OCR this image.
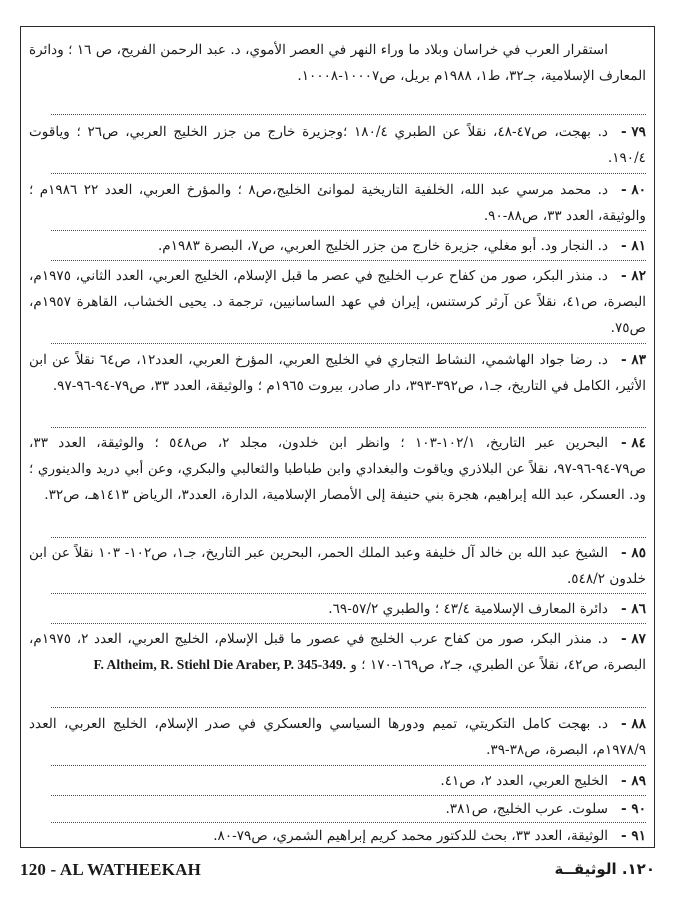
استقرار العرب في خراسان وبلاد ما وراء النهر في العصر الأموي، د. عبد الرحمن الفريح، ص ١٦ ؛ ودائرة المعارف الإسلامية، جـ٣٢، ط١، ١٩٨٨م بريل، ص١٠٠٠٧-١٠٠٠٨.
٧٩ -د. بهجت، ص٤٧-٤٨، نقلاً عن الطبري ١٨٠/٤ ؛وجزيرة خارج من جزر الخليج العربي، ص٢٦ ؛ وياقوت ١٩٠/٤.
٨٠ -د. محمد مرسي عبد الله، الخلفية التاريخية لموانئ الخليج،ص٨ ؛ والمؤرخ العربي، العدد ٢٢ ١٩٨٦م ؛ والوثيقة، العدد ٣٣، ص٨٨-٩٠.
٨١ -د. النجار ود. أبو مغلي، جزيرة خارج من جزر الخليج العربي، ص٧، البصرة ١٩٨٣م.
٨٢ -د. منذر البكر، صور من كفاح عرب الخليج في عصر ما قبل الإسلام، الخليج العربي، العدد الثاني، ١٩٧٥م، البصرة، ص٤١، نقلاً عن آرثر كرستنس، إيران في عهد الساسانيين، ترجمة د. يحيى الخشاب، القاهرة ١٩٥٧م، ص٧٥.
٨٣ -د. رضا جواد الهاشمي، النشاط التجاري في الخليج العربي، المؤرخ العربي، العدد١٢، ص٦٤ نقلاً عن ابن الأثير، الكامل في التاريخ، جـ١، ص٣٩٢-٣٩٣، دار صادر، بيروت ١٩٦٥م ؛ والوثيقة، العدد ٣٣، ص٧٩-٩٤-٩٦-٩٧.
٨٤ -البحرين عبر التاريخ، ١٠٢/١-١٠٣ ؛ وانظر ابن خلدون، مجلد ٢، ص٥٤٨ ؛ والوثيقة، العدد ٣٣، ص٧٩-٩٤-٩٦-٩٧، نقلاً عن البلاذري وياقوت والبغدادي وابن طباطبا والثعالبي والبكري، وعن أبي دريد والدينوري ؛ ود. العسكر، عبد الله إبراهيم، هجرة بني حنيفة إلى الأمصار الإسلامية، الدارة، العدد٣، الرياض ١٤١٣هـ، ص٣٢.
٨٥ -الشيخ عبد الله بن خالد آل خليفة وعبد الملك الحمر، البحرين عبر التاريخ، جـ١، ص١٠٢- ١٠٣ نقلاً عن ابن خلدون ٥٤٨/٢.
٨٦ -دائرة المعارف الإسلامية ٤٣/٤ ؛ والطبري ٥٧/٢-٦٩.
٨٧ -د. منذر البكر، صور من كفاح عرب الخليج في عصور ما قبل الإسلام، الخليج العربي، العدد ٢، ١٩٧٥م، البصرة، ص٤٢، نقلاً عن الطبري، جـ٢، ص١٦٩-١٧٠ ؛ و F. Altheim, R. Stiehl Die Araber, P. 345-349.
٨٨ -د. بهجت كامل التكريتي، تميم ودورها السياسي والعسكري في صدر الإسلام، الخليج العربي، العدد ١٩٧٨/٩م، البصرة، ص٣٨-٣٩.
٨٩ -الخليج العربي، العدد ٢، ص٤١.
٩٠ -سلوت. عرب الخليج، ص٣٨١.
٩١ -الوثيقة، العدد ٣٣، بحث للدكتور محمد كريم إبراهيم الشمري، ص٧٩-٨٠.
120 - AL WATHEEKAH	١٢٠. الوثيقــة
